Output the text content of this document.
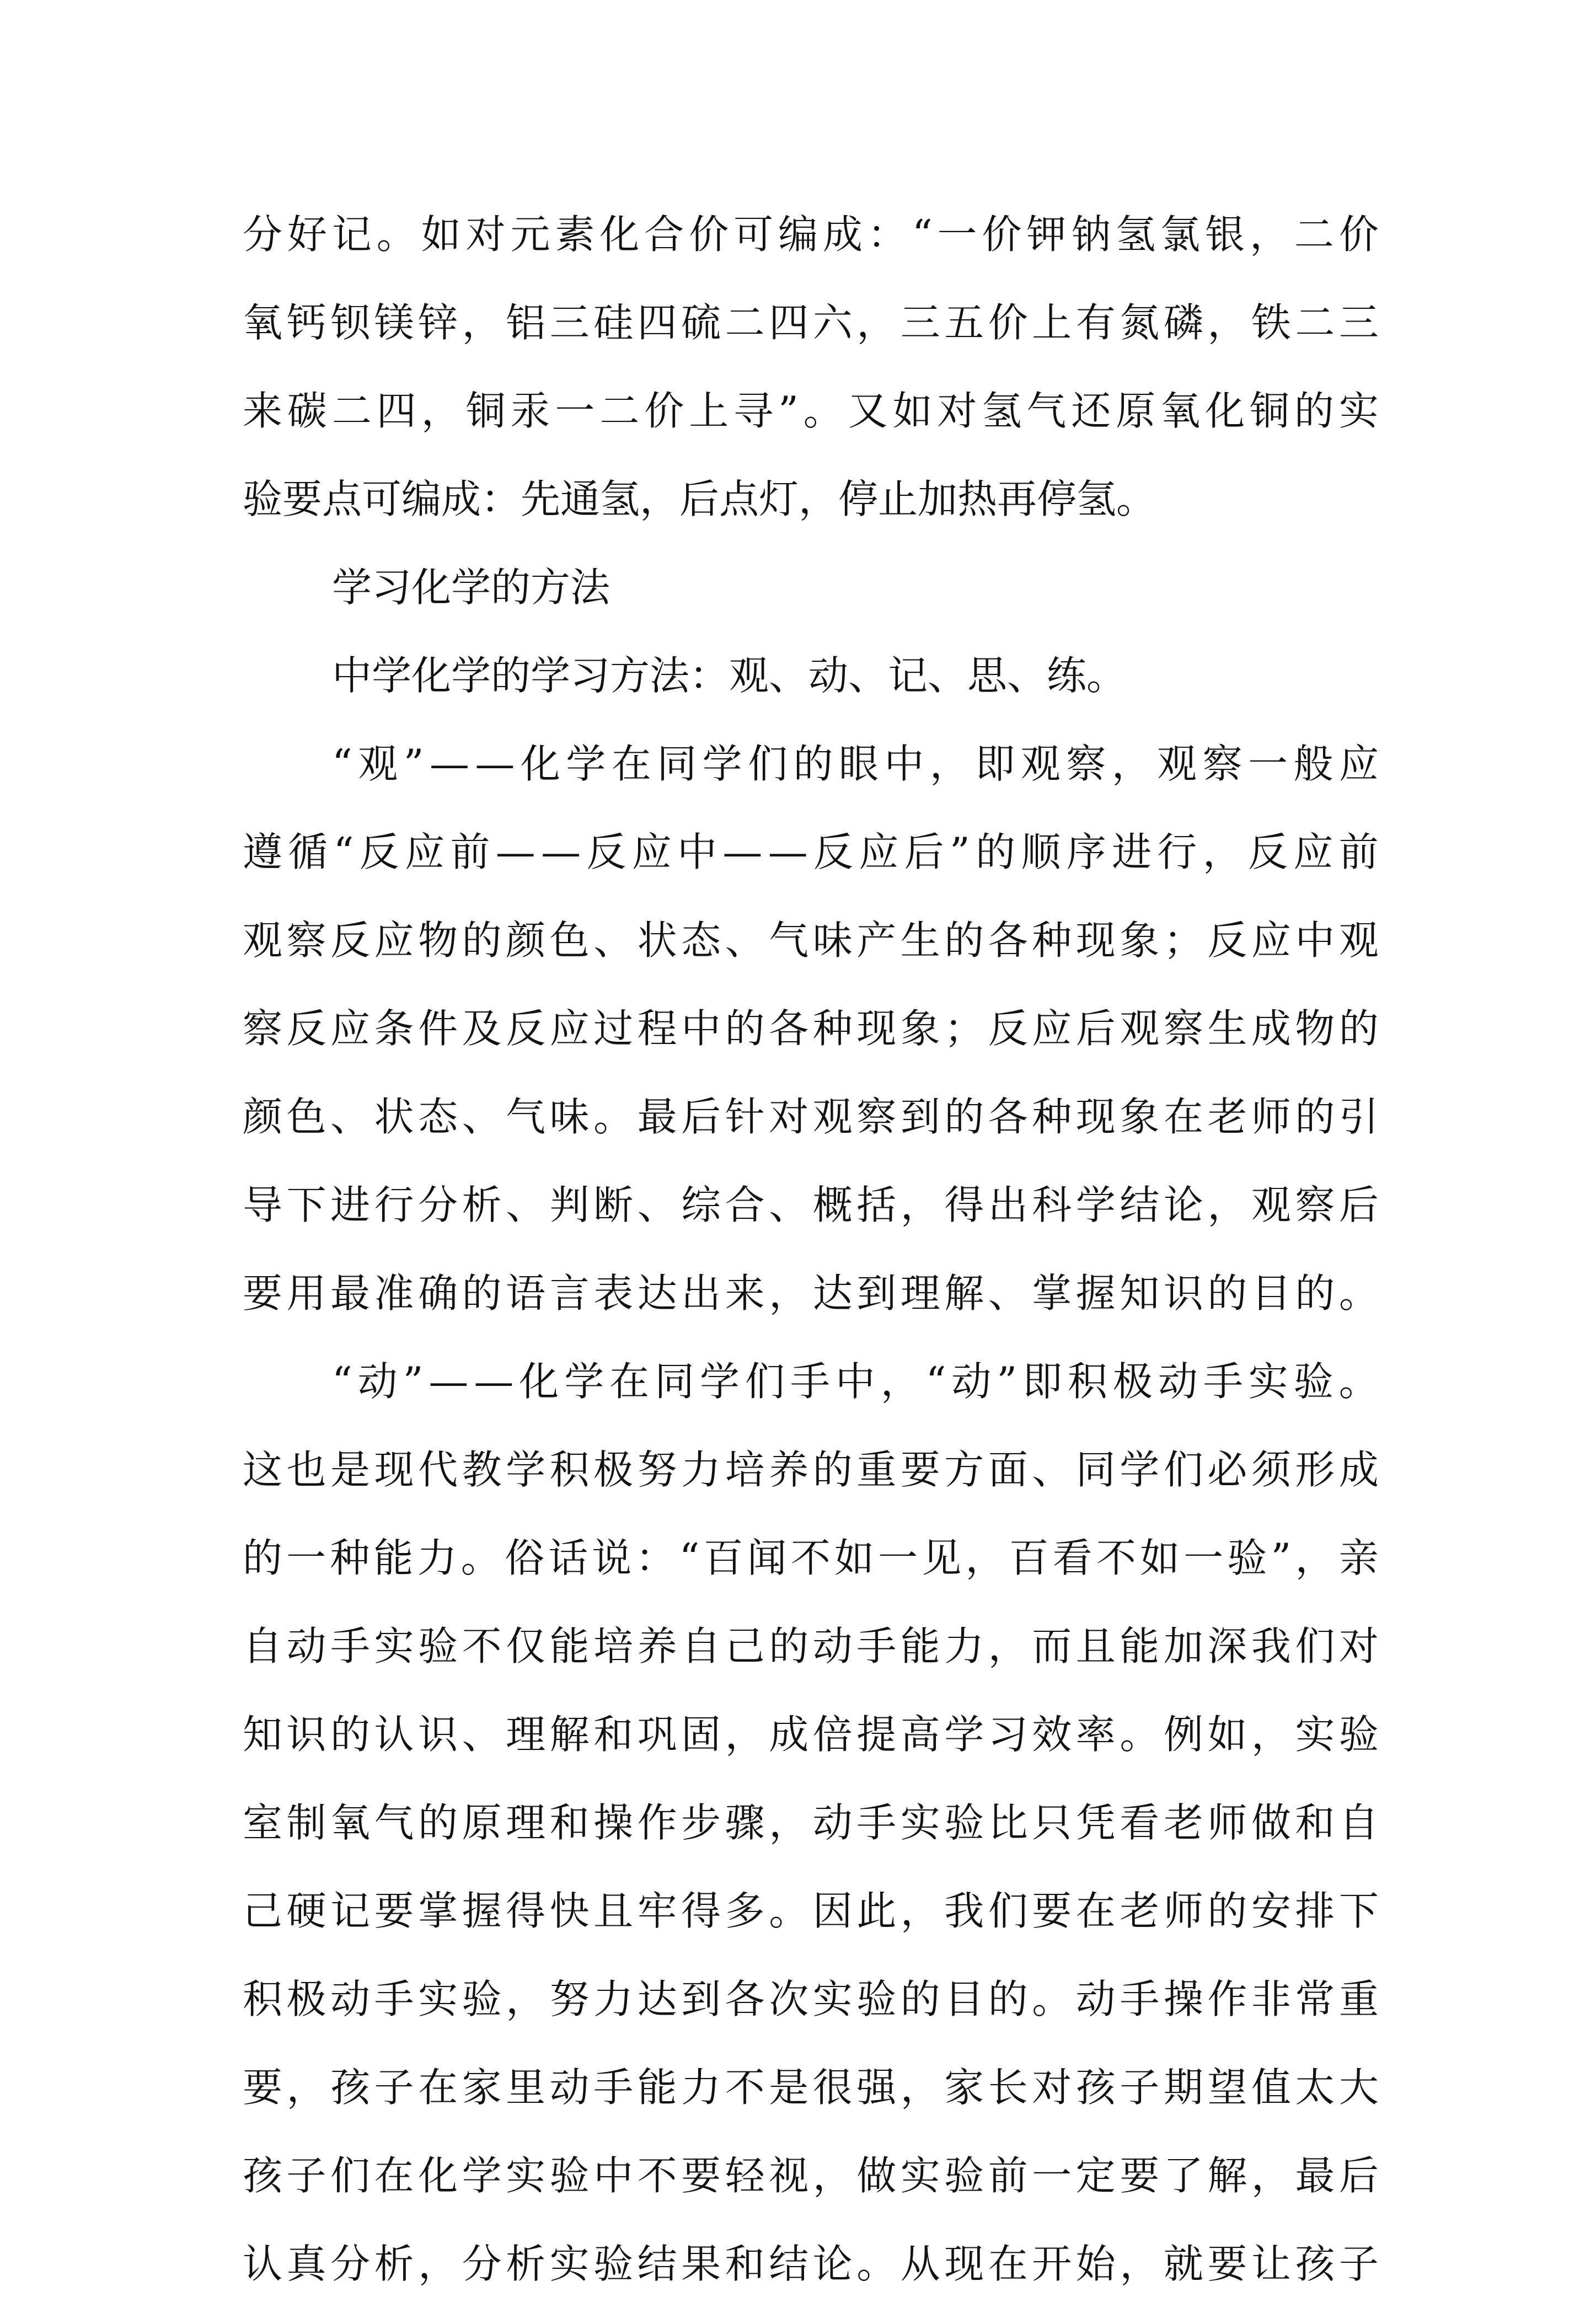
分 好 记 。 如 对 元 素 化 合 价 可 编 成 ： “ 一 价 钾 钠 氢 氯 银 ， 二 价
氧 钙 钡 镁 锌 ， 铝 三 硅 四 硫 二 四 六 ， 三 五 价 上 有 氮 磷 ， 铁 二 三
来 碳 二 四 ， 铜 汞 一 二 价 上 寻 ” 。 又 如 对 氢 气 还 原 氧 化 铜 的 实
验要点可编成：先通氢，后点灯，停止加热再停氢。
学习化学的方法
中学化学的学习方法：观、动、记、思、练。
“ 观 ” — — 化 学 在 同 学 们 的 眼 中 ， 即 观 察 ， 观 察 一 般 应
遵 循 “ 反 应 前 — — 反 应 中 — — 反 应 后 ” 的 顺 序 进 行 ， 反 应 前
观 察 反 应 物 的 颜 色 、 状 态 、 气 味 产 生 的 各 种 现 象 ； 反 应 中 观
察 反 应 条 件 及 反 应 过 程 中 的 各 种 现 象 ； 反 应 后 观 察 生 成 物 的
颜 色 、 状 态 、 气 味 。 最 后 针 对 观 察 到 的 各 种 现 象 在 老 师 的 引
导 下 进 行 分 析 、 判 断 、 综 合 、 概 括 ， 得 出 科 学 结 论 ， 观 察 后
要 用 最 准 确 的 语 言 表 达 出 来 ， 达 到 理 解 、 掌 握 知 识 的 目 的 。
“ 动 ” — — 化 学 在 同 学 们 手 中 ， “ 动 ” 即 积 极 动 手 实 验 。
这 也 是 现 代 教 学 积 极 努 力 培 养 的 重 要 方 面 、 同 学 们 必 须 形 成
的 一 种 能 力 。 俗 话 说 ： “ 百 闻 不 如 一 见 ， 百 看 不 如 一 验 ” ， 亲
自 动 手 实 验 不 仅 能 培 养 自 己 的 动 手 能 力 ， 而 且 能 加 深 我 们 对
知 识 的 认 识 、 理 解 和 巩 固 ， 成 倍 提 高 学 习 效 率 。 例 如 ， 实 验
室 制 氧 气 的 原 理 和 操 作 步 骤 ， 动 手 实 验 比 只 凭 看 老 师 做 和 自
己 硬 记 要 掌 握 得 快 且 牢 得 多 。 因 此 ， 我 们 要 在 老 师 的 安 排 下
积 极 动 手 实 验 ， 努 力 达 到 各 次 实 验 的 目 的 。 动 手 操 作 非 常 重
要 ， 孩 子 在 家 里 动 手 能 力 不 是 很 强 ， 家 长 对 孩 子 期 望 值 太 大
孩 子 们 在 化 学 实 验 中 不 要 轻 视 ， 做 实 验 前 一 定 要 了 解 ， 最 后
认 真 分 析 ， 分 析 实 验 结 果 和 结 论 。 从 现 在 开 始 ， 就 要 让 孩 子
